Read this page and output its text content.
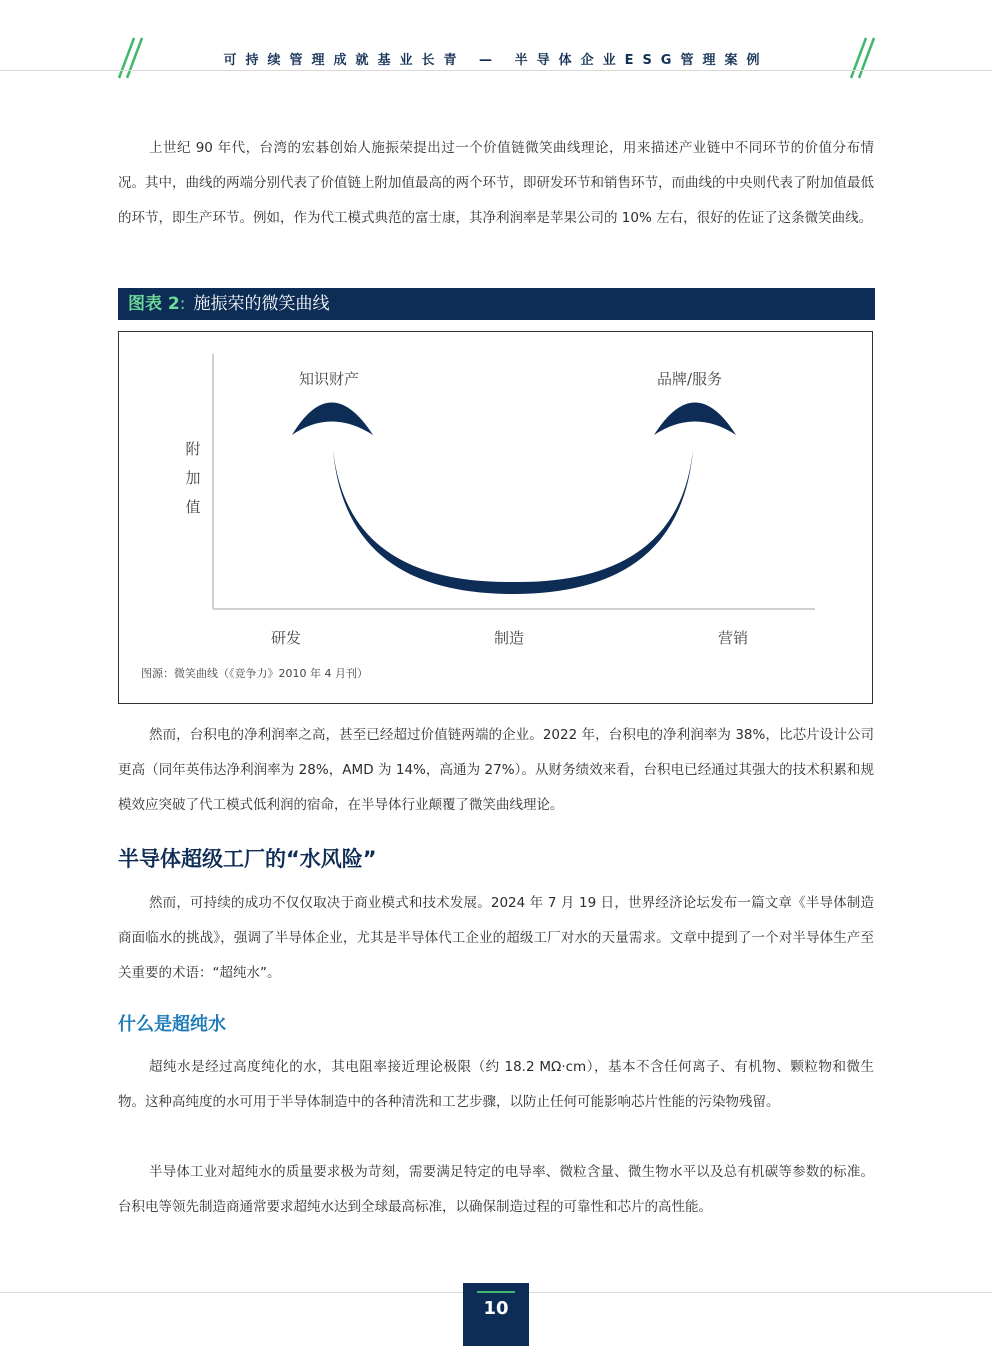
可持续管理成就基业长青 — 半导体企业ESG管理案例

上世纪 90 年代，台湾的宏碁创始人施振荣提出过一个价值链微笑曲线理论，用来描述产业链中不同环节的价值分布情况。其中，曲线的两端分别代表了价值链上附加值最高的两个环节，即研发环节和销售环节，而曲线的中央则代表了附加值最低的环节，即生产环节。例如，作为代工模式典范的富士康，其净利润率是苹果公司的 10% 左右，很好的佐证了这条微笑曲线。

图表 2: 施振荣的微笑曲线
知识财产	品牌/服务
附
加
值
研发	制造	营销
图源：微笑曲线（《竞争力》2010 年 4 月刊）

然而，台积电的净利润率之高，甚至已经超过价值链两端的企业。2022 年，台积电的净利润率为 38%，比芯片设计公司更高（同年英伟达净利润率为 28%，AMD 为 14%，高通为 27%）。从财务绩效来看，台积电已经通过其强大的技术积累和规模效应突破了代工模式低利润的宿命，在半导体行业颠覆了微笑曲线理论。

半导体超级工厂的“水风险”

然而，可持续的成功不仅仅取决于商业模式和技术发展。2024 年 7 月 19 日，世界经济论坛发布一篇文章《半导体制造商面临水的挑战》，强调了半导体企业，尤其是半导体代工企业的超级工厂对水的天量需求。文章中提到了一个对半导体生产至关重要的术语：“超纯水”。

什么是超纯水

超纯水是经过高度纯化的水，其电阻率接近理论极限（约 18.2 MΩ·cm），基本不含任何离子、有机物、颗粒物和微生物。这种高纯度的水可用于半导体制造中的各种清洗和工艺步骤，以防止任何可能影响芯片性能的污染物残留。

半导体工业对超纯水的质量要求极为苛刻，需要满足特定的电导率、微粒含量、微生物水平以及总有机碳等参数的标准。台积电等领先制造商通常要求超纯水达到全球最高标准，以确保制造过程的可靠性和芯片的高性能。

10
